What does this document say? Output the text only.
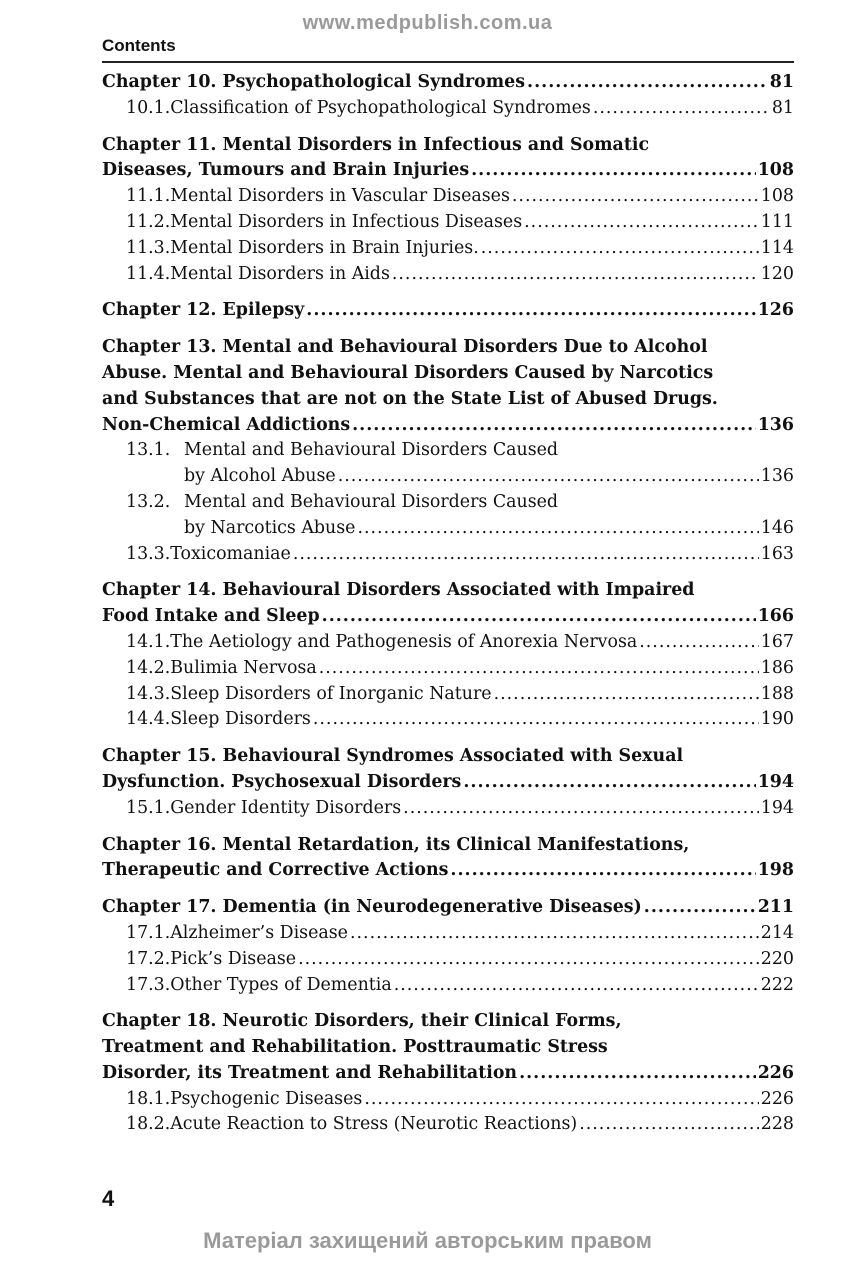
www.medpublish.com.ua
Contents
Chapter 10. Psychopathological Syndromes .....	81
10.1. Classification of Psychopathological Syndromes .....	81
Chapter 11. Mental Disorders in Infectious and Somatic
Diseases, Tumours and Brain Injuries .....	108
11.1. Mental Disorders in Vascular Diseases .....	108
11.2. Mental Disorders in Infectious Diseases .....	111
11.3. Mental Disorders in Brain Injuries. .....	114
11.4. Mental Disorders in Aids .....	120
Chapter 12. Epilepsy .....	126
Chapter 13. Mental and Behavioural Disorders Due to Alcohol
Abuse. Mental and Behavioural Disorders Caused by Narcotics
and Substances that are not on the State List of Abused Drugs.
Non-Chemical Addictions .....	136
13.1. Mental and Behavioural Disorders Caused
by Alcohol Abuse .....	136
13.2. Mental and Behavioural Disorders Caused
by Narcotics Abuse .....	146
13.3. Toxicomaniae .....	163
Chapter 14. Behavioural Disorders Associated with Impaired
Food Intake and Sleep .....	166
14.1. The Aetiology and Pathogenesis of Anorexia Nervosa .....	167
14.2. Bulimia Nervosa .....	186
14.3. Sleep Disorders of Inorganic Nature .....	188
14.4. Sleep Disorders .....	190
Chapter 15. Behavioural Syndromes Associated with Sexual
Dysfunction. Psychosexual Disorders .....	194
15.1. Gender Identity Disorders .....	194
Chapter 16. Mental Retardation, its Clinical Manifestations,
Therapeutic and Corrective Actions .....	198
Chapter 17. Dementia (in Neurodegenerative Diseases) .....	211
17.1. Alzheimer’s Disease .....	214
17.2. Pick’s Disease .....	220
17.3. Other Types of Dementia .....	222
Chapter 18. Neurotic Disorders, their Clinical Forms,
Treatment and Rehabilitation. Posttraumatic Stress
Disorder, its Treatment and Rehabilitation .....	226
18.1. Psychogenic Diseases .....	226
18.2. Acute Reaction to Stress (Neurotic Reactions) .....	228
4
Матеріал захищений авторським правом
